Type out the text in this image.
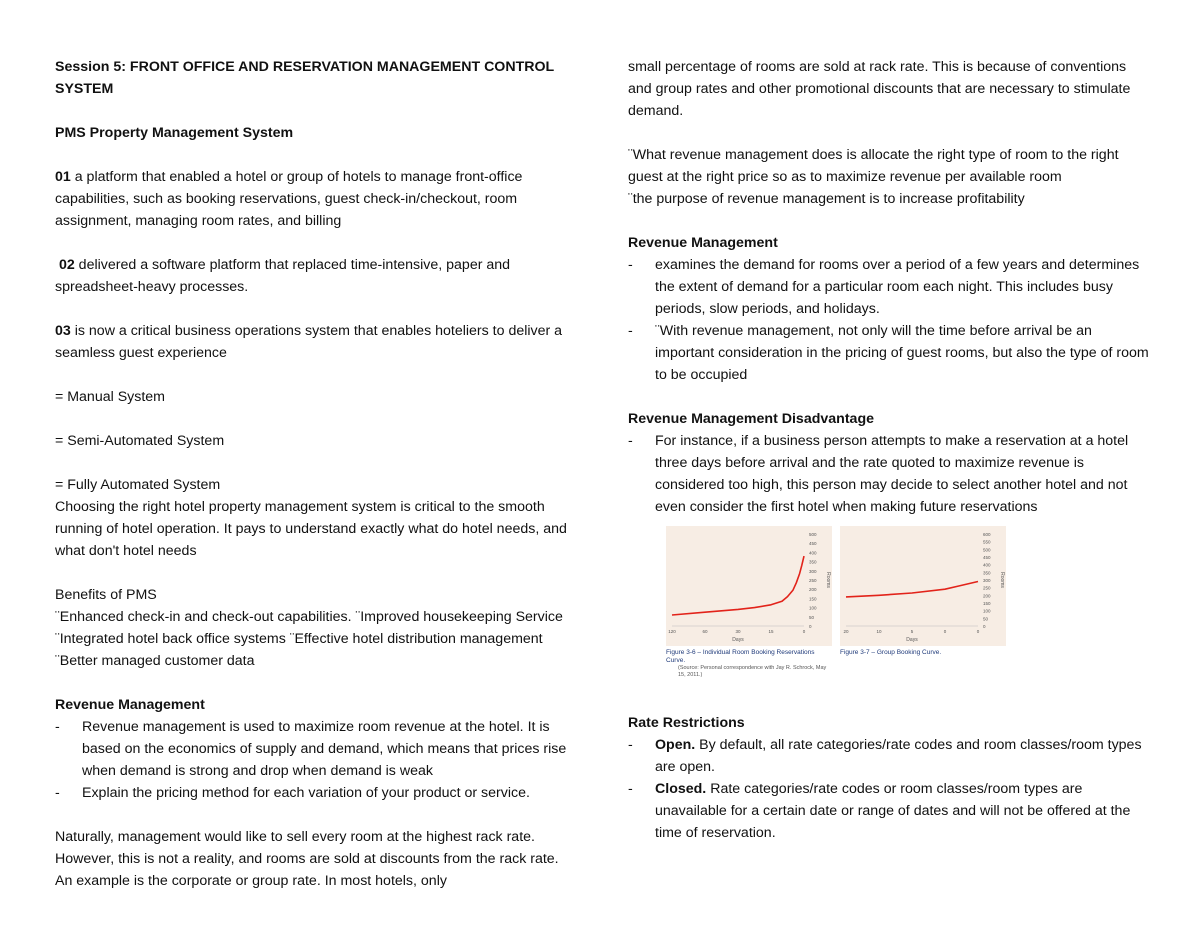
Session 5: FRONT OFFICE AND RESERVATION MANAGEMENT CONTROL SYSTEM

PMS Property Management System

01 a platform that enabled a hotel or group of hotels to manage front-office capabilities, such as booking reservations, guest check-in/checkout, room assignment, managing room rates, and billing

02 delivered a software platform that replaced time-intensive, paper and spreadsheet-heavy processes.

03 is now a critical business operations system that enables hoteliers to deliver a seamless guest experience

= Manual System

= Semi-Automated System

= Fully Automated System

Choosing the right hotel property management system is critical to the smooth running of hotel operation. It pays to understand exactly what do hotel needs, and what don't hotel needs

Benefits of PMS

¨Enhanced check-in and check-out capabilities. ¨Improved housekeeping Service ¨Integrated hotel back office systems ¨Effective hotel distribution management ¨Better managed customer data

Revenue Management

- Revenue management is used to maximize room revenue at the hotel. It is based on the economics of supply and demand, which means that prices rise when demand is strong and drop when demand is weak
- Explain the pricing method for each variation of your product or service.

Naturally, management would like to sell every room at the highest rack rate. However, this is not a reality, and rooms are sold at discounts from the rack rate. An example is the corporate or group rate. In most hotels, only

small percentage of rooms are sold at rack rate. This is because of conventions and group rates and other promotional discounts that are necessary to stimulate demand.

¨What revenue management does is allocate the right type of room to the right guest at the right price so as to maximize revenue per available room

¨the purpose of revenue management is to increase profitability

Revenue Management

- examines the demand for rooms over a period of a few years and determines the extent of demand for a particular room each night. This includes busy periods, slow periods, and holidays.
- ¨With revenue management, not only will the time before arrival be an important consideration in the pricing of guest rooms, but also the type of room to be occupied

Revenue Management Disadvantage

- For instance, if a business person attempts to make a reservation at a hotel three days before arrival and the rate quoted to maximize revenue is considered too high, this person may decide to select another hotel and not even consider the first hotel when making future reservations
500
450
400
350
300
250
200
150
100
50
0
Rooms
120	60	30	15	0
Days
Figure 3-6 – Individual Room Booking Reservations Curve.
(Source: Personal correspondence with Jay R. Schrock, May 15, 2011.)
600
550
500
450
400
350
300
250
200
150
100
50
0
Rooms
20	10	5	0	0
Days
Figure 3-7 – Group Booking Curve.

Rate Restrictions

- Open. By default, all rate categories/rate codes and room classes/room types are open.
- Closed. Rate categories/rate codes or room classes/room types are unavailable for a certain date or range of dates and will not be offered at the time of reservation.
